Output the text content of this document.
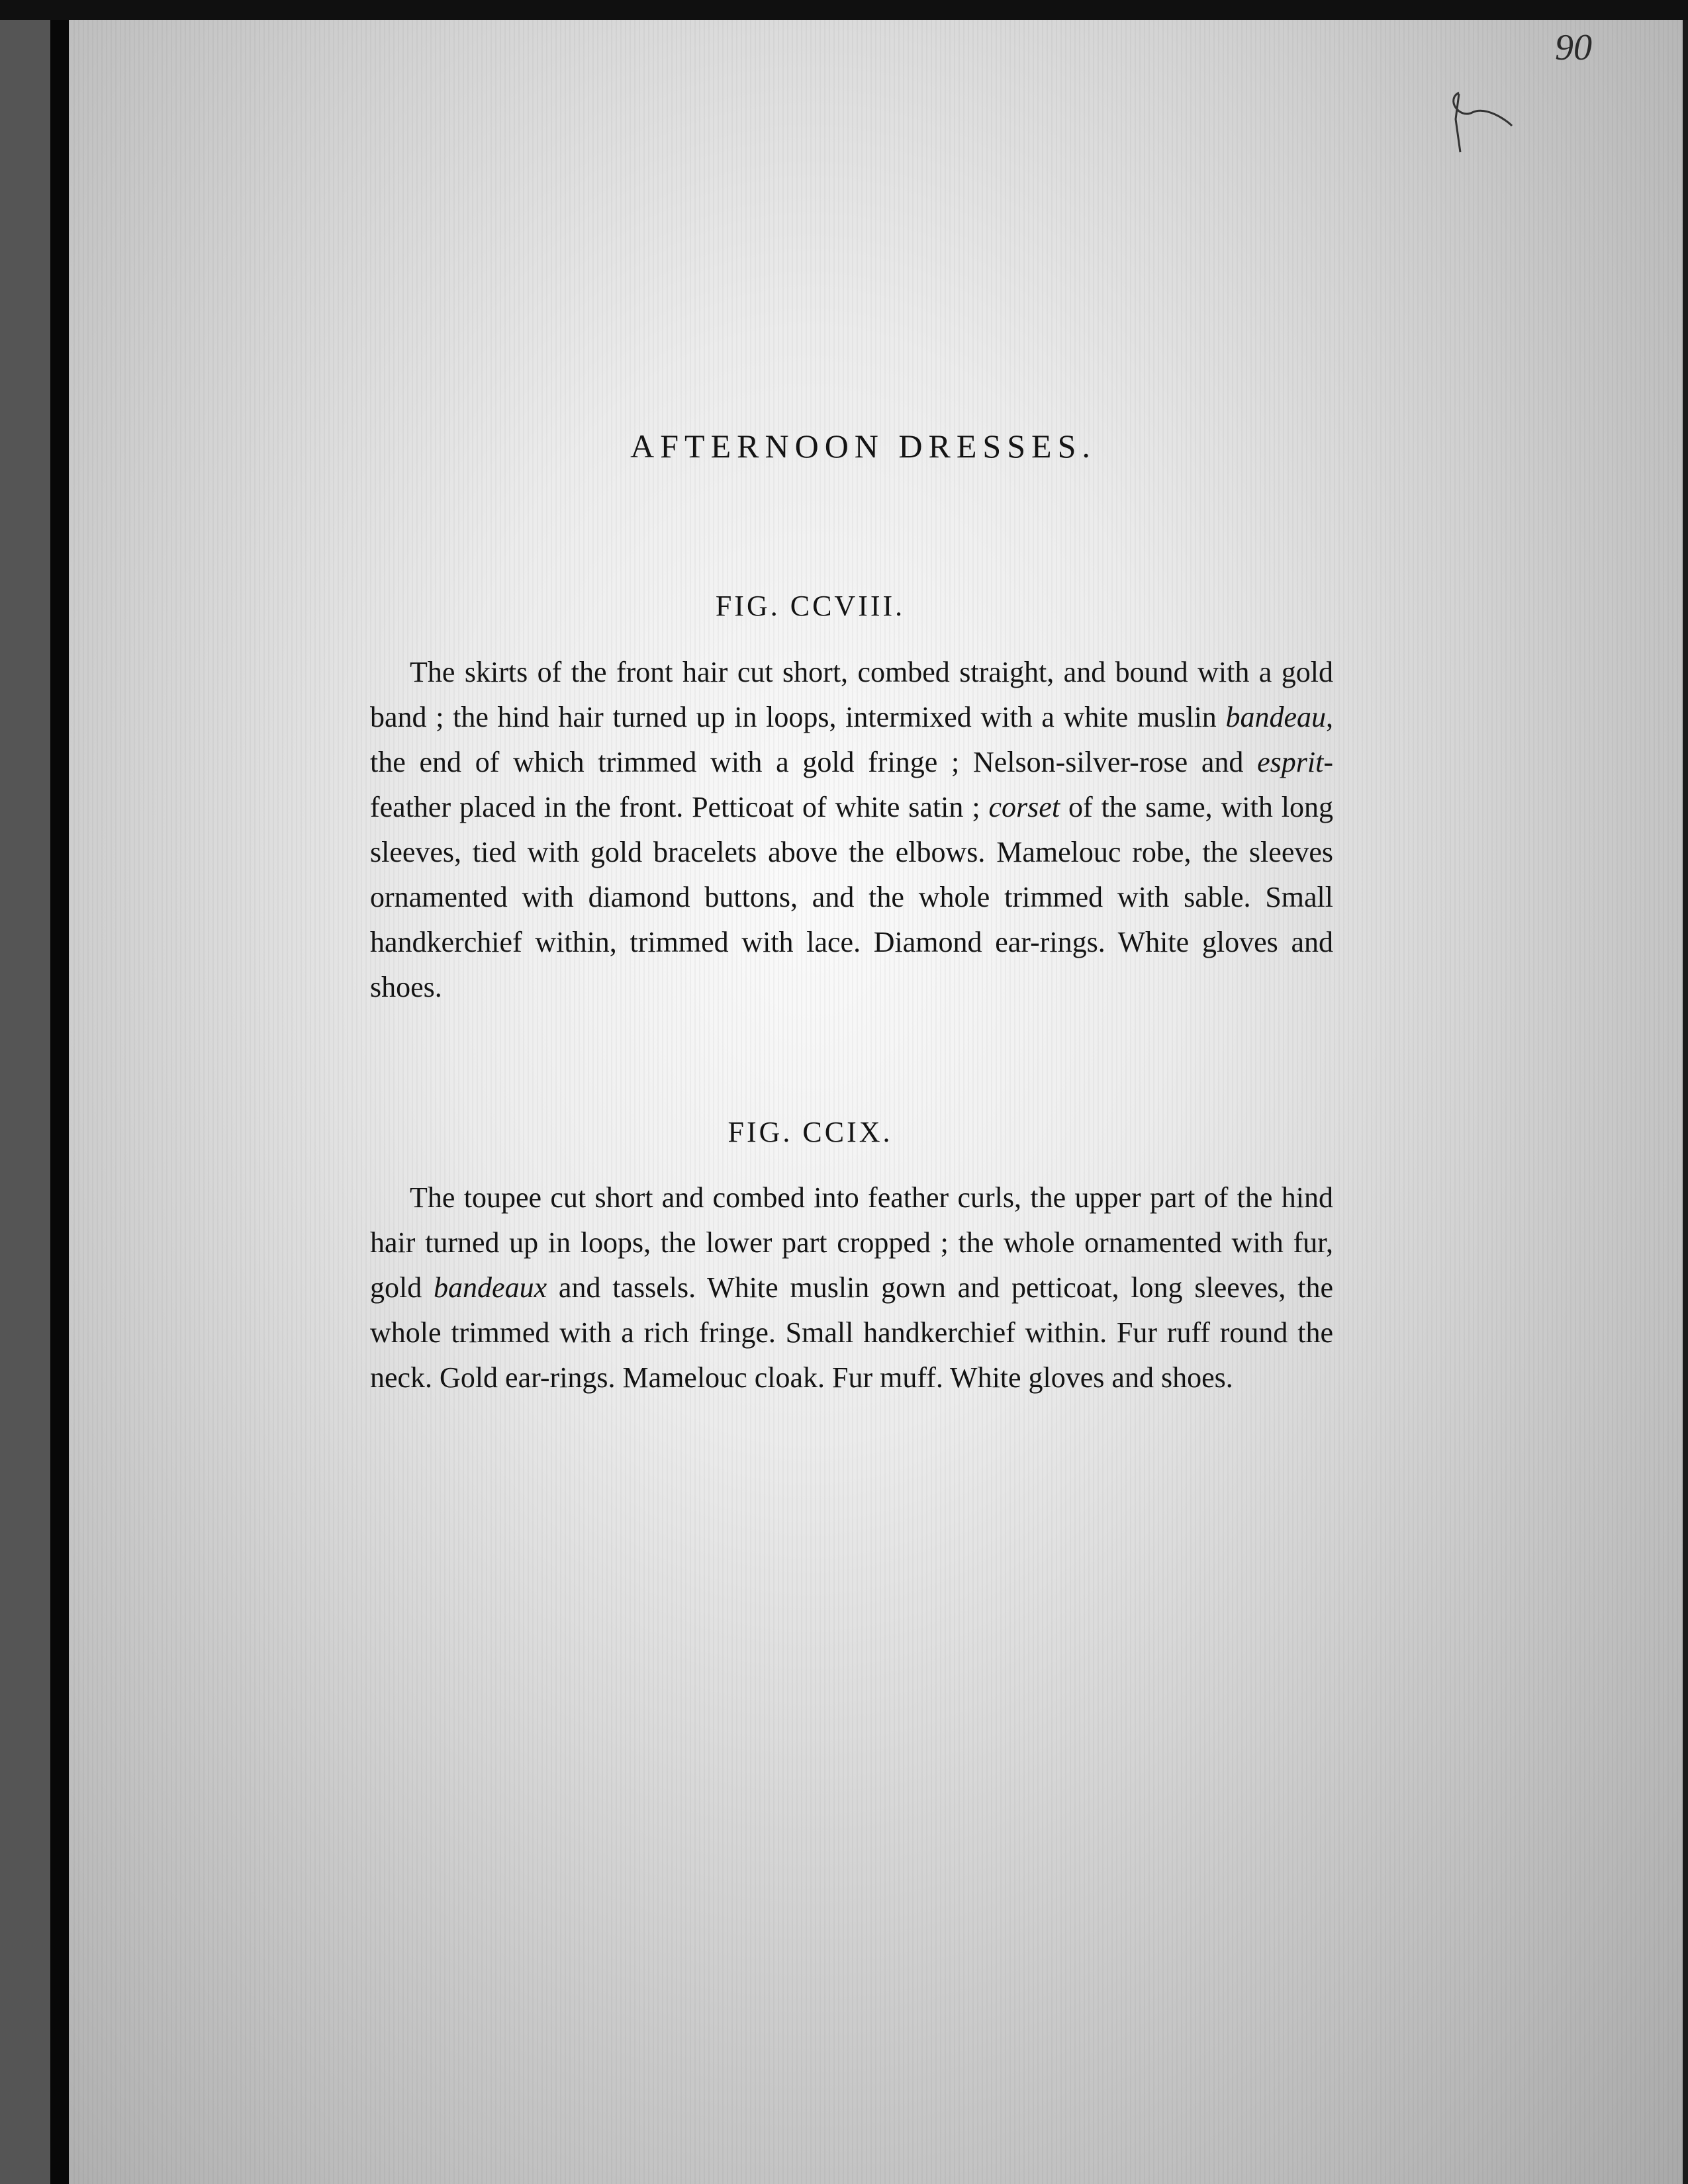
90
AFTERNOON DRESSES.
FIG. CCVIII.

The skirts of the front hair cut short, combed straight, and bound with a gold band ; the hind hair turned up in loops, intermixed with a white muslin bandeau, the end of which trimmed with a gold fringe ; Nelson-silver-rose and esprit-feather placed in the front. Petticoat of white satin ; corset of the same, with long sleeves, tied with gold bracelets above the elbows. Mamelouc robe, the sleeves ornamented with diamond buttons, and the whole trimmed with sable. Small handkerchief within, trimmed with lace. Diamond ear-rings. White gloves and shoes.

FIG. CCIX.

The toupee cut short and combed into feather curls, the upper part of the hind hair turned up in loops, the lower part cropped ; the whole ornamented with fur, gold bandeaux and tassels. White muslin gown and petticoat, long sleeves, the whole trimmed with a rich fringe. Small handkerchief within. Fur ruff round the neck. Gold ear-rings. Mamelouc cloak. Fur muff. White gloves and shoes.
